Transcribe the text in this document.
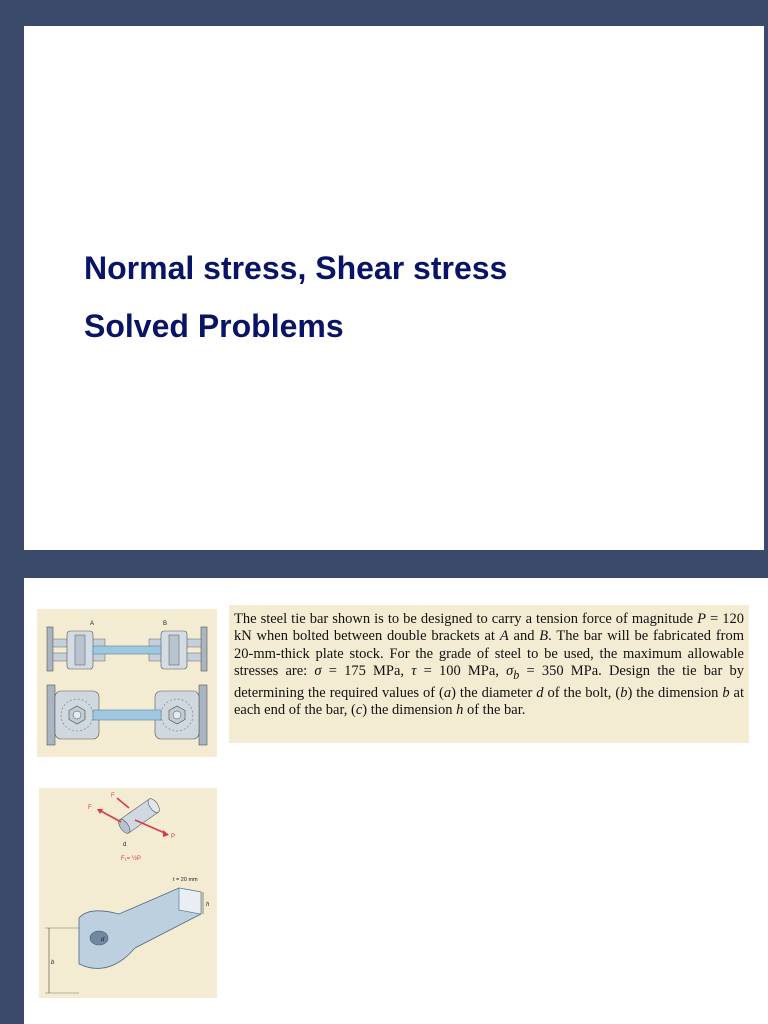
Normal stress, Shear stress
Solved Problems
A	B	The steel tie bar shown is to be designed to carry a tension force of magnitude P = 120 kN when bolted between double brackets at A and B. The bar will be fabricated from 20-mm-thick plate stock. For the grade of steel to be used, the maximum allowable stresses are: σ = 175 MPa, τ = 100 MPa, $\sigma_b = 350$ MPa. Design the tie bar by determining the required values of (a) the diameter d of the bolt, (b) the dimension b at each end of the bar, (c) the dimension h of the bar.
F
F
P
d
F₁= ½P
t = 20 mm
d
h
b
